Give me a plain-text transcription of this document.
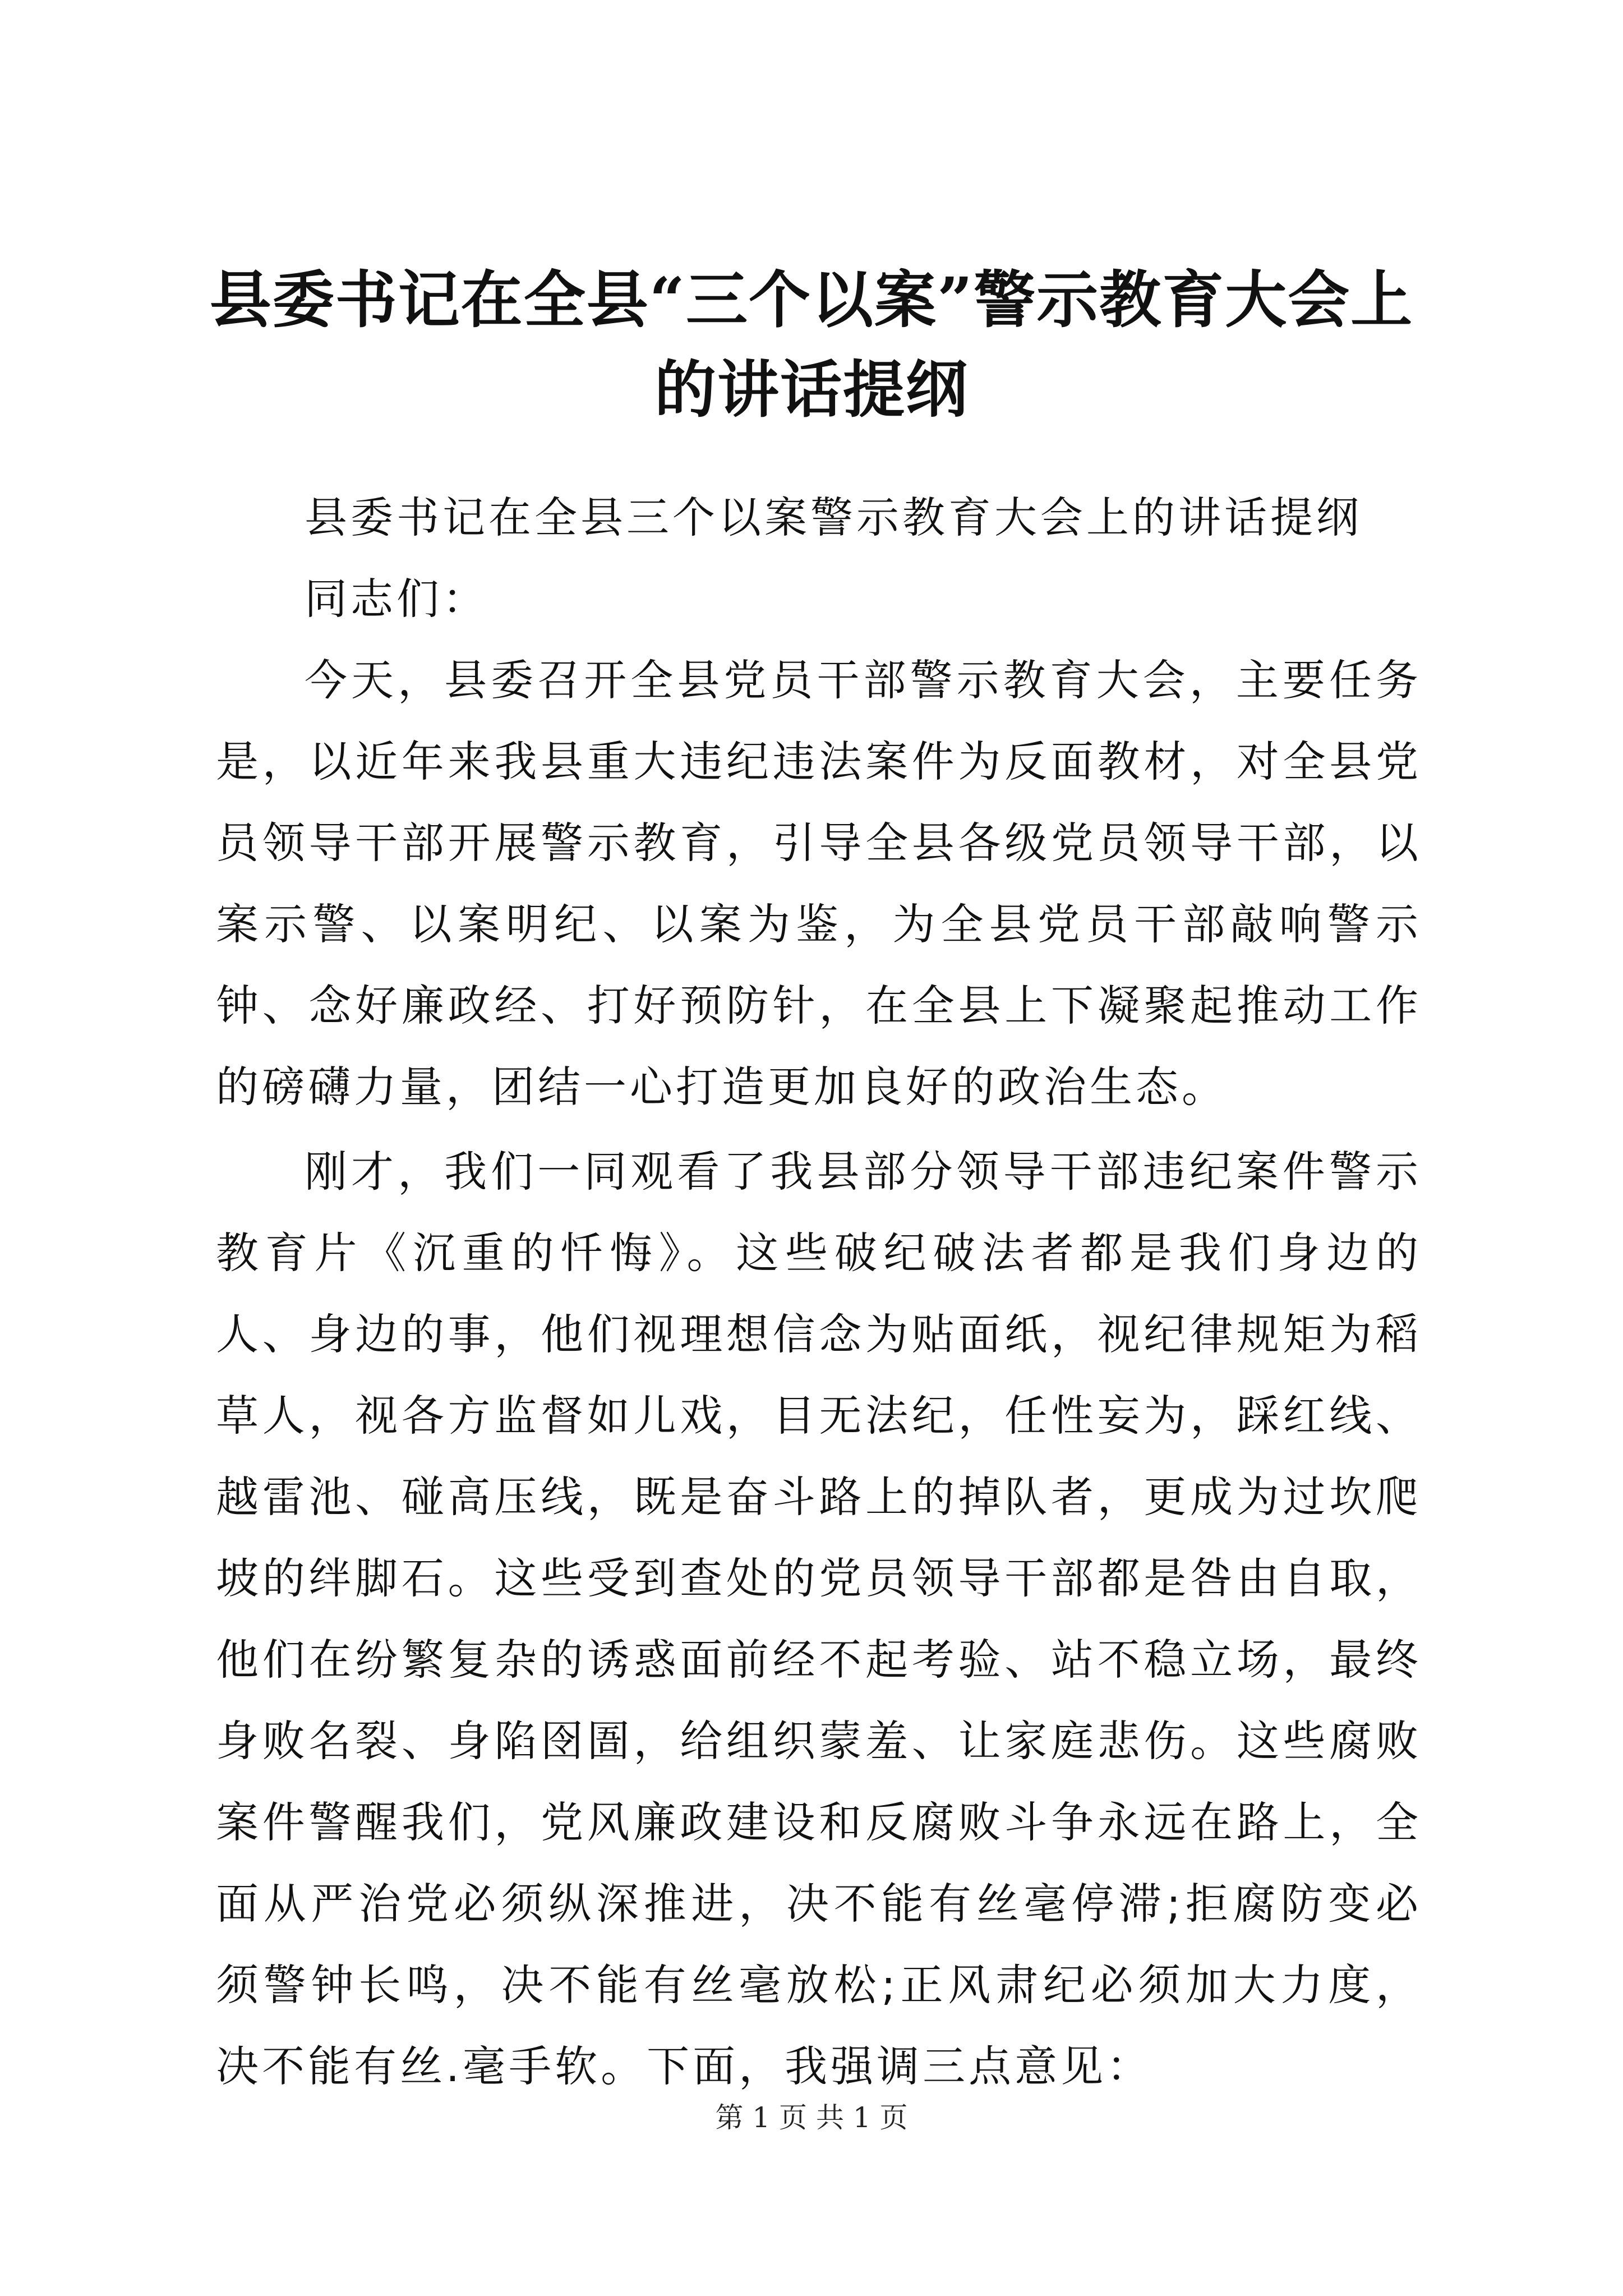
县委书记在全县“三个以案”警示教育大会上
的讲话提纲

县委书记在全县三个以案警示教育大会上的讲话提纲

同志们：

今天，县委召开全县党员干部警示教育大会，主要任务是，以近年来我县重大违纪违法案件为反面教材，对全县党员领导干部开展警示教育，引导全县各级党员领导干部，以案示警、以案明纪、以案为鉴，为全县党员干部敲响警示钟、念好廉政经、打好预防针，在全县上下凝聚起推动工作的磅礴力量，团结一心打造更加良好的政治生态。

刚才，我们一同观看了我县部分领导干部违纪案件警示教育片《沉重的忏悔》。这些破纪破法者都是我们身边的人、身边的事，他们视理想信念为贴面纸，视纪律规矩为稻草人，视各方监督如儿戏，目无法纪，任性妄为，踩红线、越雷池、碰高压线，既是奋斗路上的掉队者，更成为过坎爬坡的绊脚石。这些受到查处的党员领导干部都是咎由自取，他们在纷繁复杂的诱惑面前经不起考验、站不稳立场，最终身败名裂、身陷囹圄，给组织蒙羞、让家庭悲伤。这些腐败案件警醒我们，党风廉政建设和反腐败斗争永远在路上，全面从严治党必须纵深推进，决不能有丝毫停滞;拒腐防变必须警钟长鸣，决不能有丝毫放松;正风肃纪必须加大力度，决不能有丝.毫手软。下面，我强调三点意见：

第 1 页 共 1 页
